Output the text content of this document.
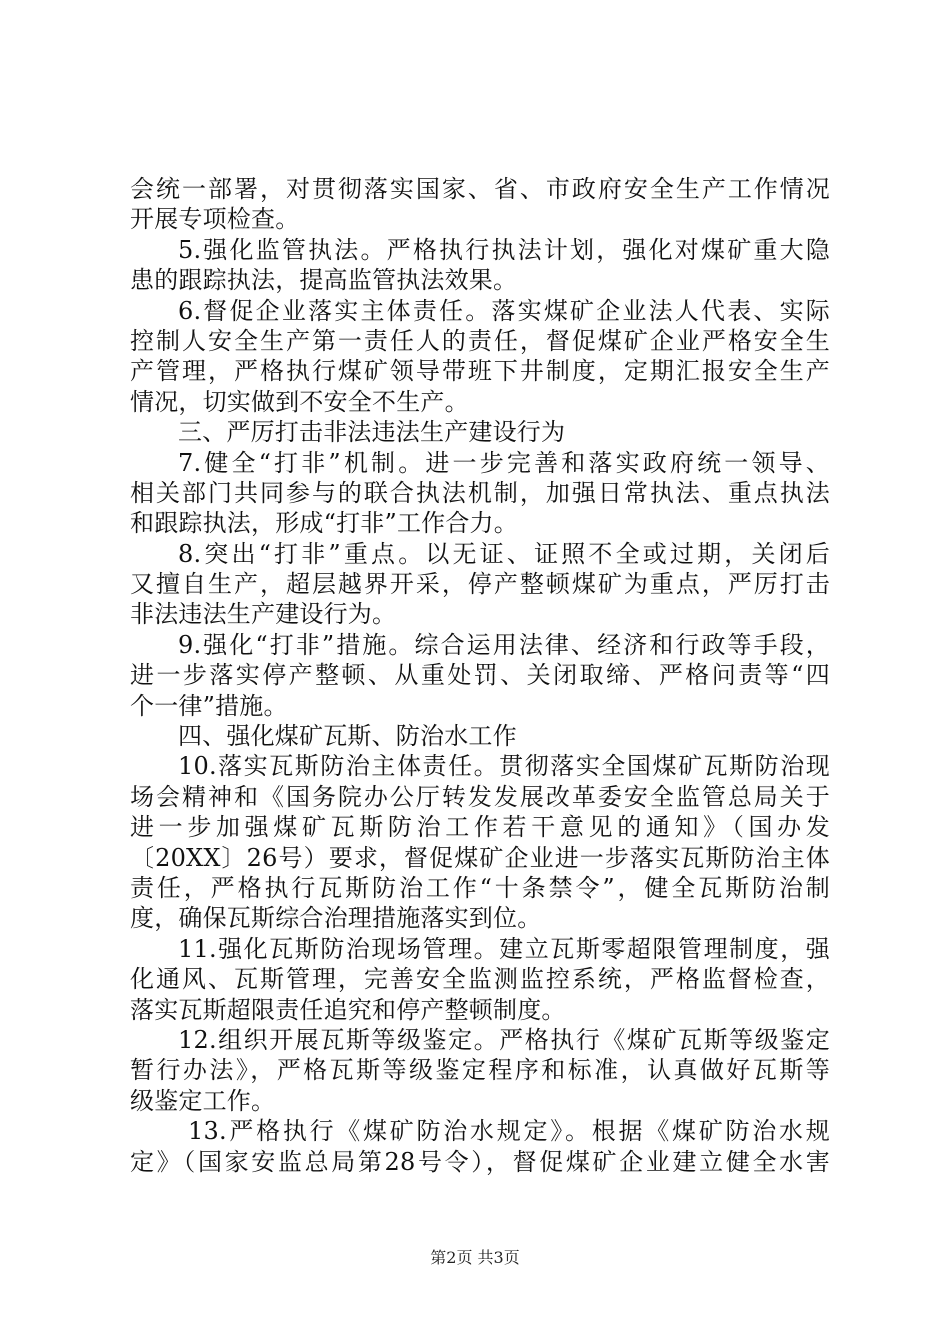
会统一部署，对贯彻落实国家、省、市政府安全生产工作情况
开展专项检查。
5.强化监管执法。严格执行执法计划，强化对煤矿重大隐
患的跟踪执法，提高监管执法效果。
6.督促企业落实主体责任。落实煤矿企业法人代表、实际
控制人安全生产第一责任人的责任，督促煤矿企业严格安全生
产管理，严格执行煤矿领导带班下井制度，定期汇报安全生产
情况，切实做到不安全不生产。
三、严厉打击非法违法生产建设行为
7.健全“打非”机制。进一步完善和落实政府统一领导、
相关部门共同参与的联合执法机制，加强日常执法、重点执法
和跟踪执法，形成“打非”工作合力。
8.突出“打非”重点。以无证、证照不全或过期，关闭后
又擅自生产，超层越界开采，停产整顿煤矿为重点，严厉打击
非法违法生产建设行为。
9.强化“打非”措施。综合运用法律、经济和行政等手段，
进一步落实停产整顿、从重处罚、关闭取缔、严格问责等“四
个一律”措施。
四、强化煤矿瓦斯、防治水工作
10.落实瓦斯防治主体责任。贯彻落实全国煤矿瓦斯防治现
场会精神和《国务院办公厅转发发展改革委安全监管总局关于
进一步加强煤矿瓦斯防治工作若干意见的通知》（国办发
〔20XX〕26号）要求，督促煤矿企业进一步落实瓦斯防治主体
责任，严格执行瓦斯防治工作“十条禁令”，健全瓦斯防治制
度，确保瓦斯综合治理措施落实到位。
11.强化瓦斯防治现场管理。建立瓦斯零超限管理制度，强
化通风、瓦斯管理，完善安全监测监控系统，严格监督检查，
落实瓦斯超限责任追究和停产整顿制度。
12.组织开展瓦斯等级鉴定。严格执行《煤矿瓦斯等级鉴定
暂行办法》，严格瓦斯等级鉴定程序和标准，认真做好瓦斯等
级鉴定工作。
13.严格执行《煤矿防治水规定》。根据《煤矿防治水规
定》（国家安监总局第28号令），督促煤矿企业建立健全水害
第2页 共3页
